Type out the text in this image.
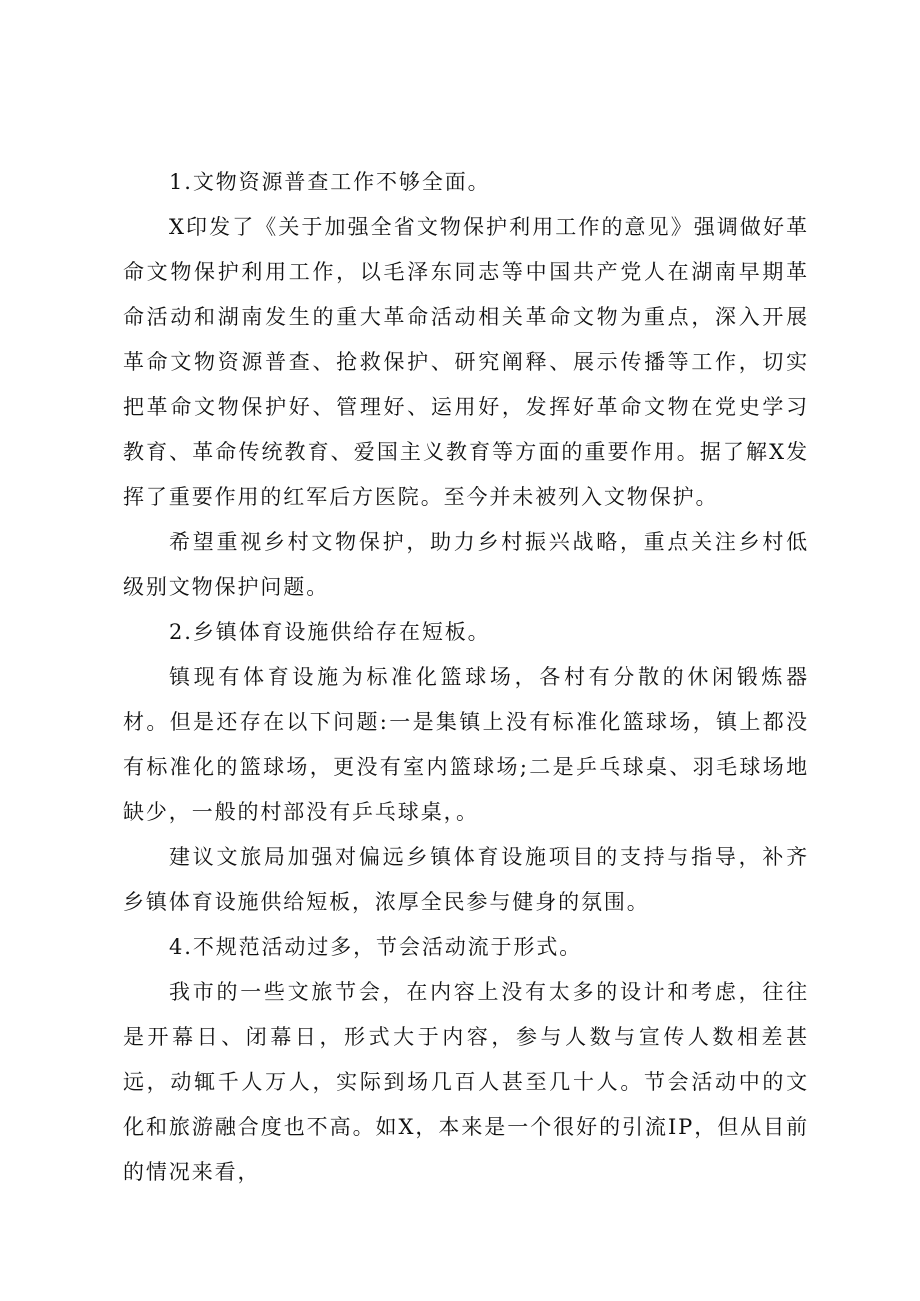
1.文物资源普查工作不够全面。

X印发了《关于加强全省文物保护利用工作的意见》强调做好革命文物保护利用工作，以毛泽东同志等中国共产党人在湖南早期革命活动和湖南发生的重大革命活动相关革命文物为重点，深入开展革命文物资源普查、抢救保护、研究阐释、展示传播等工作，切实把革命文物保护好、管理好、运用好，发挥好革命文物在党史学习教育、革命传统教育、爱国主义教育等方面的重要作用。据了解X发挥了重要作用的红军后方医院。至今并未被列入文物保护。

希望重视乡村文物保护，助力乡村振兴战略，重点关注乡村低级别文物保护问题。

2.乡镇体育设施供给存在短板。

镇现有体育设施为标准化篮球场，各村有分散的休闲锻炼器材。但是还存在以下问题:一是集镇上没有标准化篮球场，镇上都没有标准化的篮球场，更没有室内篮球场;二是乒乓球桌、羽毛球场地缺少，一般的村部没有乒乓球桌，。

建议文旅局加强对偏远乡镇体育设施项目的支持与指导，补齐乡镇体育设施供给短板，浓厚全民参与健身的氛围。

4.不规范活动过多，节会活动流于形式。

我市的一些文旅节会，在内容上没有太多的设计和考虑，往往是开幕日、闭幕日，形式大于内容，参与人数与宣传人数相差甚远，动辄千人万人，实际到场几百人甚至几十人。节会活动中的文化和旅游融合度也不高。如X，本来是一个很好的引流IP，但从目前的情况来看，
